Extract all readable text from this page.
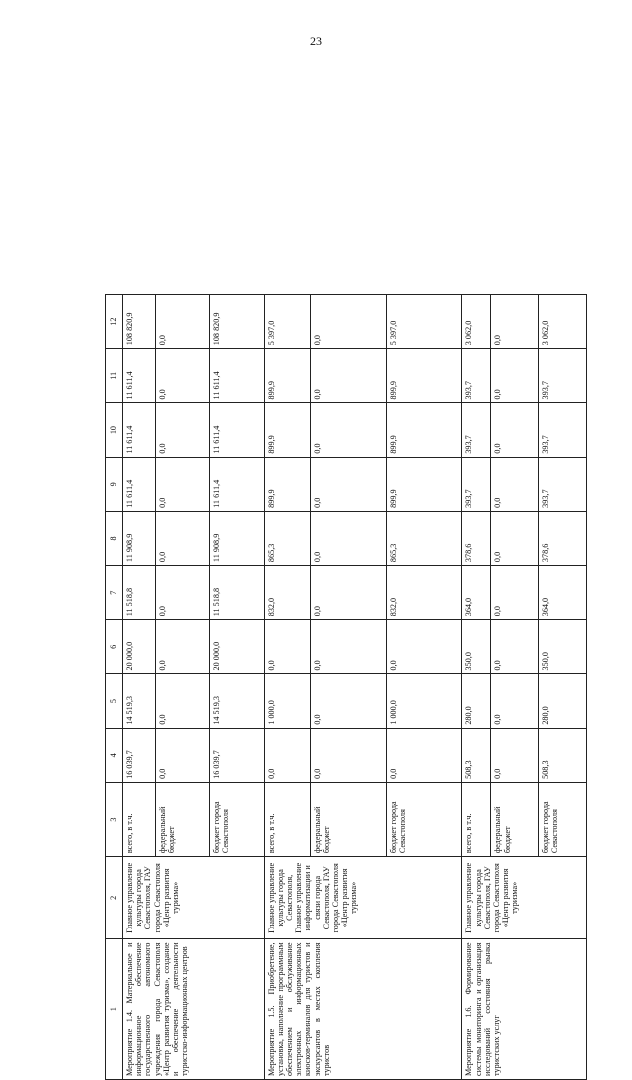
23
1	2	3	4	5	6	7	8	9	10	11	12
Мероприятие 1.4. Материальное и информационное обеспечение государственного автономного учреждения города Севастополя «Центр развития туризма», создание и обеспечение деятельности туристско-информационных центров	Главное управление культуры города Севастополя, ГАУ города Севастополя «Центр развития туризма»	всего, в т.ч.	16 039,7	14 519,3	20 000,0	11 518,8	11 908,9	11 611,4	11 611,4	11 611,4	108 820,9
		федеральный бюджет	0,0	0,0	0,0	0,0	0,0	0,0	0,0	0,0	0,0
		бюджет города Севастополя	16 039,7	14 519,3	20 000,0	11 518,8	11 908,9	11 611,4	11 611,4	11 611,4	108 820,9
Мероприятие 1.5. Приобретение, установка, наполнение программным обеспечением и обслуживание электронных информационных киосков-терминалов для туристов и экскурсантов в местах скопления туристов	Главное управление культуры города Севастополя, Главное управление информатизации и связи города Севастополя, ГАУ города Севастополя «Центр развития туризма»	всего, в т.ч.	0,0	1 000,0	0,0	832,0	865,3	899,9	899,9	899,9	5 397,0
		федеральный бюджет	0,0	0,0	0,0	0,0	0,0	0,0	0,0	0,0	0,0
		бюджет города Севастополя	0,0	1 000,0	0,0	832,0	865,3	899,9	899,9	899,9	5 397,0
Мероприятие 1.6. Формирование системы мониторинга и организация исследований состояния рынка туристских услуг	Главное управление культуры города Севастополя, ГАУ города Севастополя «Центр развития туризма»	всего, в т.ч.	508,3	280,0	350,0	364,0	378,6	393,7	393,7	393,7	3 062,0
		федеральный бюджет	0,0	0,0	0,0	0,0	0,0	0,0	0,0	0,0	0,0
		бюджет города Севастополя	508,3	280,0	350,0	364,0	378,6	393,7	393,7	393,7	3 062,0
